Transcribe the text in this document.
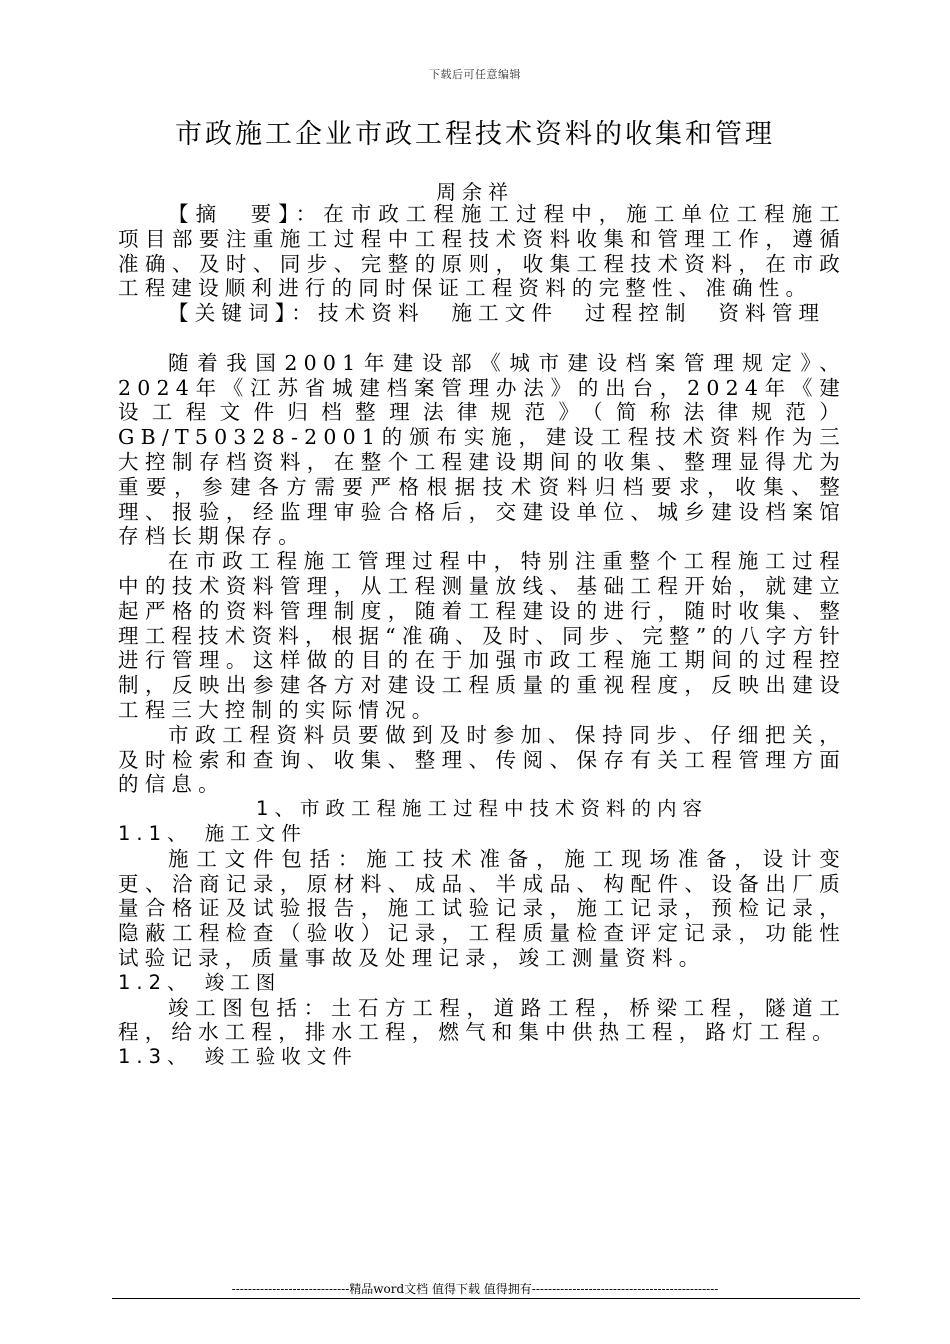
下载后可任意编辑
市政施工企业市政工程技术资料的收集和管理
周余祥

【摘　要】：在市政工程施工过程中，施工单位工程施工项目部要注重施工过程中工程技术资料收集和管理工作，遵循准确、及时、同步、完整的原则，收集工程技术资料，在市政工程建设顺利进行的同时保证工程资料的完整性、准确性。

【关键词】：技术资料　施工文件　过程控制　资料管理

随着我国2001年建设部《城市建设档案管理规定》、2024年《江苏省城建档案管理办法》的出台，2024年《建设工程文件归档整理法律规范》（简称法律规范）GB/T50328-2001的颁布实施，建设工程技术资料作为三大控制存档资料，在整个工程建设期间的收集、整理显得尤为重要，参建各方需要严格根据技术资料归档要求，收集、整理、报验，经监理审验合格后，交建设单位、城乡建设档案馆存档长期保存。

在市政工程施工管理过程中，特别注重整个工程施工过程中的技术资料管理，从工程测量放线、基础工程开始，就建立起严格的资料管理制度，随着工程建设的进行，随时收集、整理工程技术资料，根据“准确、及时、同步、完整”的八字方针进行管理。这样做的目的在于加强市政工程施工期间的过程控制，反映出参建各方对建设工程质量的重视程度，反映出建设工程三大控制的实际情况。

市政工程资料员要做到及时参加、保持同步、仔细把关，及时检索和查询、收集、整理、传阅、保存有关工程管理方面的信息。

1、市政工程施工过程中技术资料的内容

1.1、 施工文件

施工文件包括：施工技术准备，施工现场准备，设计变更、洽商记录，原材料、成品、半成品、构配件、设备出厂质量合格证及试验报告，施工试验记录，施工记录，预检记录，隐蔽工程检查（验收）记录，工程质量检查评定记录，功能性试验记录，质量事故及处理记录，竣工测量资料。

1.2、 竣工图

竣工图包括：土石方工程，道路工程，桥梁工程，隧道工程，给水工程，排水工程，燃气和集中供热工程，路灯工程。

1.3、 竣工验收文件

-----------------------------精品word文档 值得下载 值得拥有----------------------------------------------
